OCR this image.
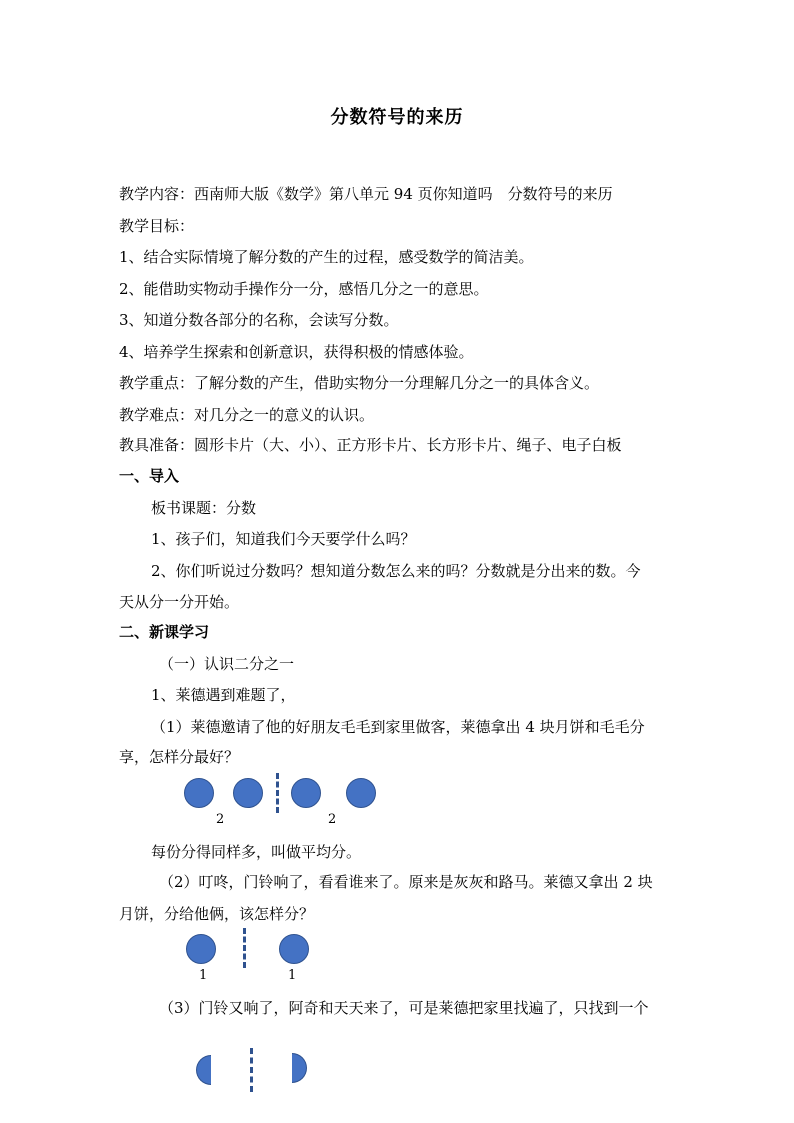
分数符号的来历
教学内容：西南师大版《数学》第八单元 94 页你知道吗　分数符号的来历
教学目标：
1、结合实际情境了解分数的产生的过程，感受数学的简洁美。
2、能借助实物动手操作分一分，感悟几分之一的意思。
3、知道分数各部分的名称，会读写分数。
4、培养学生探索和创新意识，获得积极的情感体验。
教学重点：了解分数的产生，借助实物分一分理解几分之一的具体含义。
教学难点：对几分之一的意义的认识。
教具准备：圆形卡片（大、小）、正方形卡片、长方形卡片、绳子、电子白板
一、导入
板书课题：分数
1、孩子们，知道我们今天要学什么吗？
2、你们听说过分数吗？想知道分数怎么来的吗？分数就是分出来的数。今
天从分一分开始。
二、新课学习
（一）认识二分之一
1、莱德遇到难题了，
（1）莱德邀请了他的好朋友毛毛到家里做客，莱德拿出 4 块月饼和毛毛分
享，怎样分最好？
2	2
每份分得同样多，叫做平均分。
（2）叮咚，门铃响了，看看谁来了。原来是灰灰和路马。莱德又拿出 2 块
月饼，分给他俩，该怎样分？
1	1
（3）门铃又响了，阿奇和天天来了，可是莱德把家里找遍了，只找到一个
